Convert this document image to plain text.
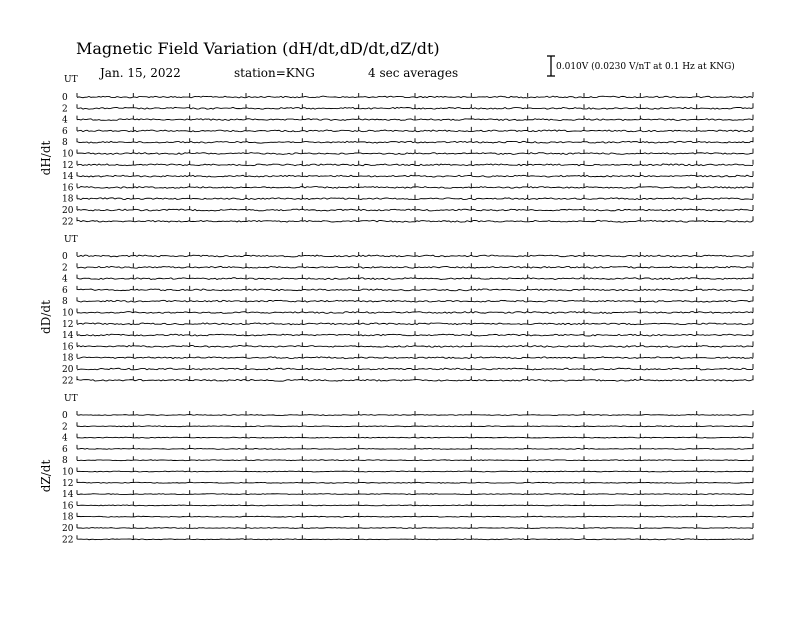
Magnetic Field Variation (dH/dt,dD/dt,dZ/dt)
Jan. 15, 2022	station=KNG	4 sec averages	0.010V (0.0230 V/nT at 0.1 Hz at KNG)
UT
dH/dt
0
2
4
6
8
10
12
14
16
18
20
22
UT
dD/dt
0
2
4
6
8
10
12
14
16
18
20
22
UT
dZ/dt
0
2
4
6
8
10
12
14
16
18
20
22
